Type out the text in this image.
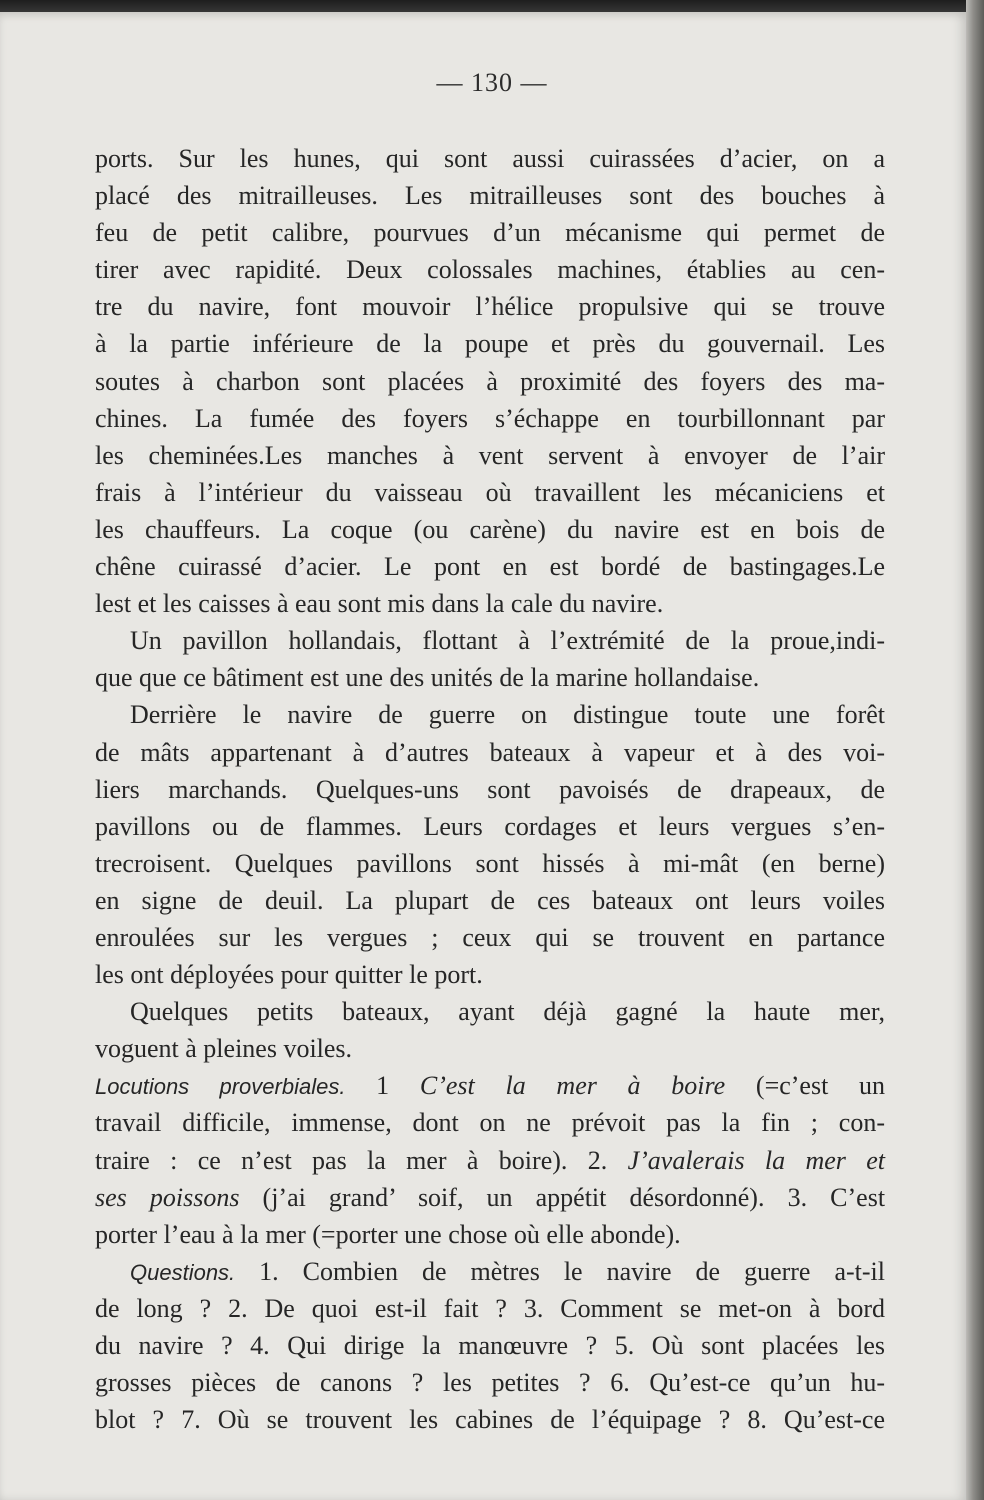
— 130 —
ports. Sur les hunes, qui sont aussi cuirassées d’acier, on a
placé des mitrailleuses. Les mitrailleuses sont des bouches à
feu de petit calibre, pourvues d’un mécanisme qui permet de
tirer avec rapidité. Deux colossales machines, établies au cen-
tre du navire, font mouvoir l’hélice propulsive qui se trouve
à la partie inférieure de la poupe et près du gouvernail. Les
soutes à charbon sont placées à proximité des foyers des ma-
chines. La fumée des foyers s’échappe en tourbillonnant par
les cheminées.Les manches à vent servent à envoyer de l’air
frais à l’intérieur du vaisseau où travaillent les mécaniciens et
les chauffeurs. La coque (ou carène) du navire est en bois de
chêne cuirassé d’acier. Le pont en est bordé de bastingages.Le
lest et les caisses à eau sont mis dans la cale du navire.
Un pavillon hollandais, flottant à l’extrémité de la proue,indi-
que que ce bâtiment est une des unités de la marine hollandaise.
Derrière le navire de guerre on distingue toute une forêt
de mâts appartenant à d’autres bateaux à vapeur et à des voi-
liers marchands. Quelques-uns sont pavoisés de drapeaux, de
pavillons ou de flammes. Leurs cordages et leurs vergues s’en-
trecroisent. Quelques pavillons sont hissés à mi-mât (en berne)
en signe de deuil. La plupart de ces bateaux ont leurs voiles
enroulées sur les vergues ; ceux qui se trouvent en partance
les ont déployées pour quitter le port.
Quelques petits bateaux, ayant déjà gagné la haute mer,
voguent à pleines voiles.
Locutions proverbiales. 1 C’est la mer à boire (=c’est un
travail difficile, immense, dont on ne prévoit pas la fin ; con-
traire : ce n’est pas la mer à boire). 2. J’avalerais la mer et
ses poissons (j’ai grand’ soif, un appétit désordonné). 3. C’est
porter l’eau à la mer (=porter une chose où elle abonde).
Questions. 1. Combien de mètres le navire de guerre a-t-il
de long ? 2. De quoi est-il fait ? 3. Comment se met-on à bord
du navire ? 4. Qui dirige la manœuvre ? 5. Où sont placées les
grosses pièces de canons ? les petites ? 6. Qu’est-ce qu’un hu-
blot ? 7. Où se trouvent les cabines de l’équipage ? 8. Qu’est-ce
